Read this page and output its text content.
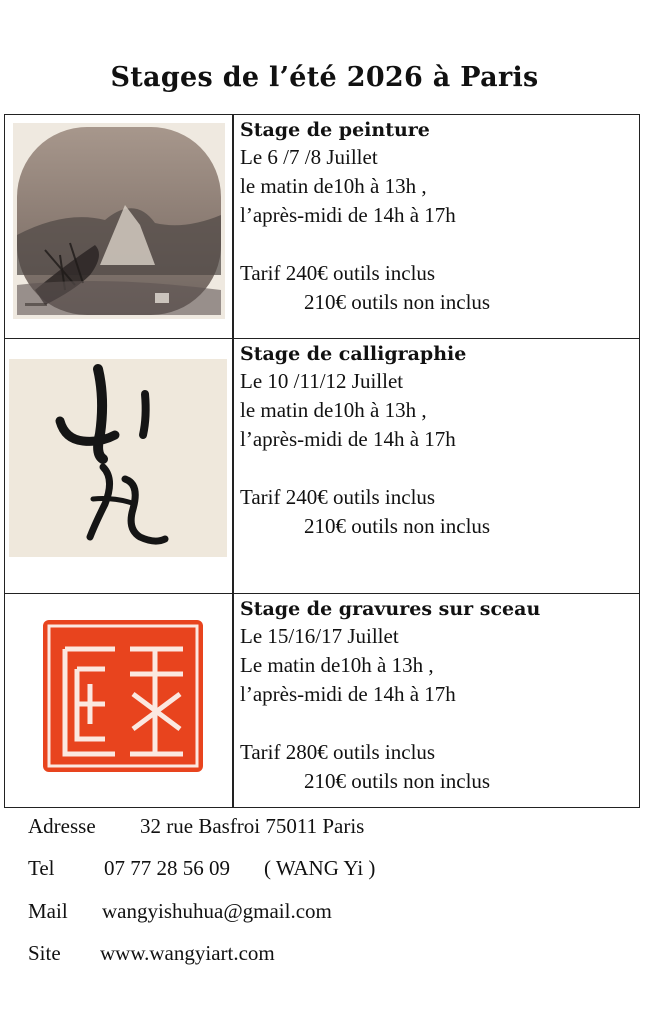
Stages de l’été 2026 à Paris
Stage de peinture
Le 6 /7 /8 Juillet
le matin de10h à 13h ,
l’après-midi de 14h à 17h
Tarif 240€ outils inclus
210€ outils non inclus
Stage de calligraphie
Le 10 /11/12 Juillet
le matin de10h à 13h ,
l’après-midi de 14h à 17h
Tarif 240€ outils inclus
210€ outils non inclus
Stage de gravures sur sceau
Le 15/16/17 Juillet
Le matin de10h à 13h ,
l’après-midi de 14h à 17h
Tarif 280€ outils inclus
210€ outils non inclus
Adresse 32 rue Basfroi 75011 Paris
Tel 07 77 28 56 09 ( WANG Yi )
Mail wangyishuhua@gmail.com
Site www.wangyiart.com
